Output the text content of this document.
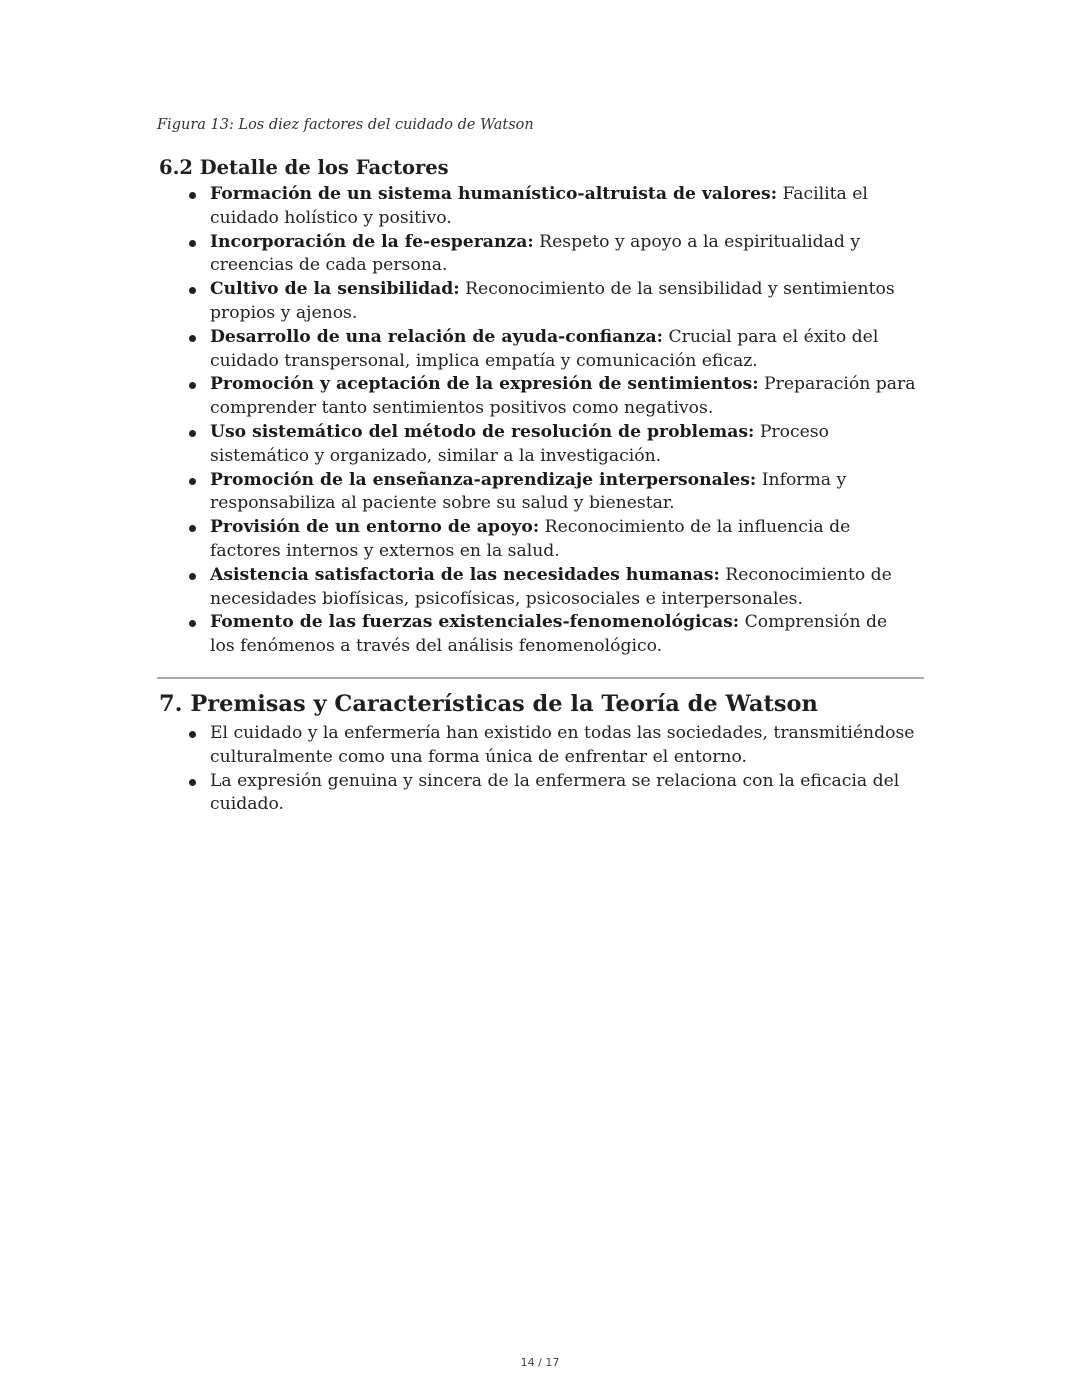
Figura 13: Los diez factores del cuidado de Watson
6.2 Detalle de los Factores
Formación de un sistema humanístico-altruista de valores: Facilita el cuidado holístico y positivo.
Incorporación de la fe-esperanza: Respeto y apoyo a la espiritualidad y creencias de cada persona.
Cultivo de la sensibilidad: Reconocimiento de la sensibilidad y sentimientos propios y ajenos.
Desarrollo de una relación de ayuda-confianza: Crucial para el éxito del cuidado transpersonal, implica empatía y comunicación eficaz.
Promoción y aceptación de la expresión de sentimientos: Preparación para comprender tanto sentimientos positivos como negativos.
Uso sistemático del método de resolución de problemas: Proceso sistemático y organizado, similar a la investigación.
Promoción de la enseñanza-aprendizaje interpersonales: Informa y responsabiliza al paciente sobre su salud y bienestar.
Provisión de un entorno de apoyo: Reconocimiento de la influencia de factores internos y externos en la salud.
Asistencia satisfactoria de las necesidades humanas: Reconocimiento de necesidades biofísicas, psicofísicas, psicosociales e interpersonales.
Fomento de las fuerzas existenciales-fenomenológicas: Comprensión de los fenómenos a través del análisis fenomenológico.
7. Premisas y Características de la Teoría de Watson
El cuidado y la enfermería han existido en todas las sociedades, transmitiéndose culturalmente como una forma única de enfrentar el entorno.
La expresión genuina y sincera de la enfermera se relaciona con la eficacia del cuidado.
14 / 17
